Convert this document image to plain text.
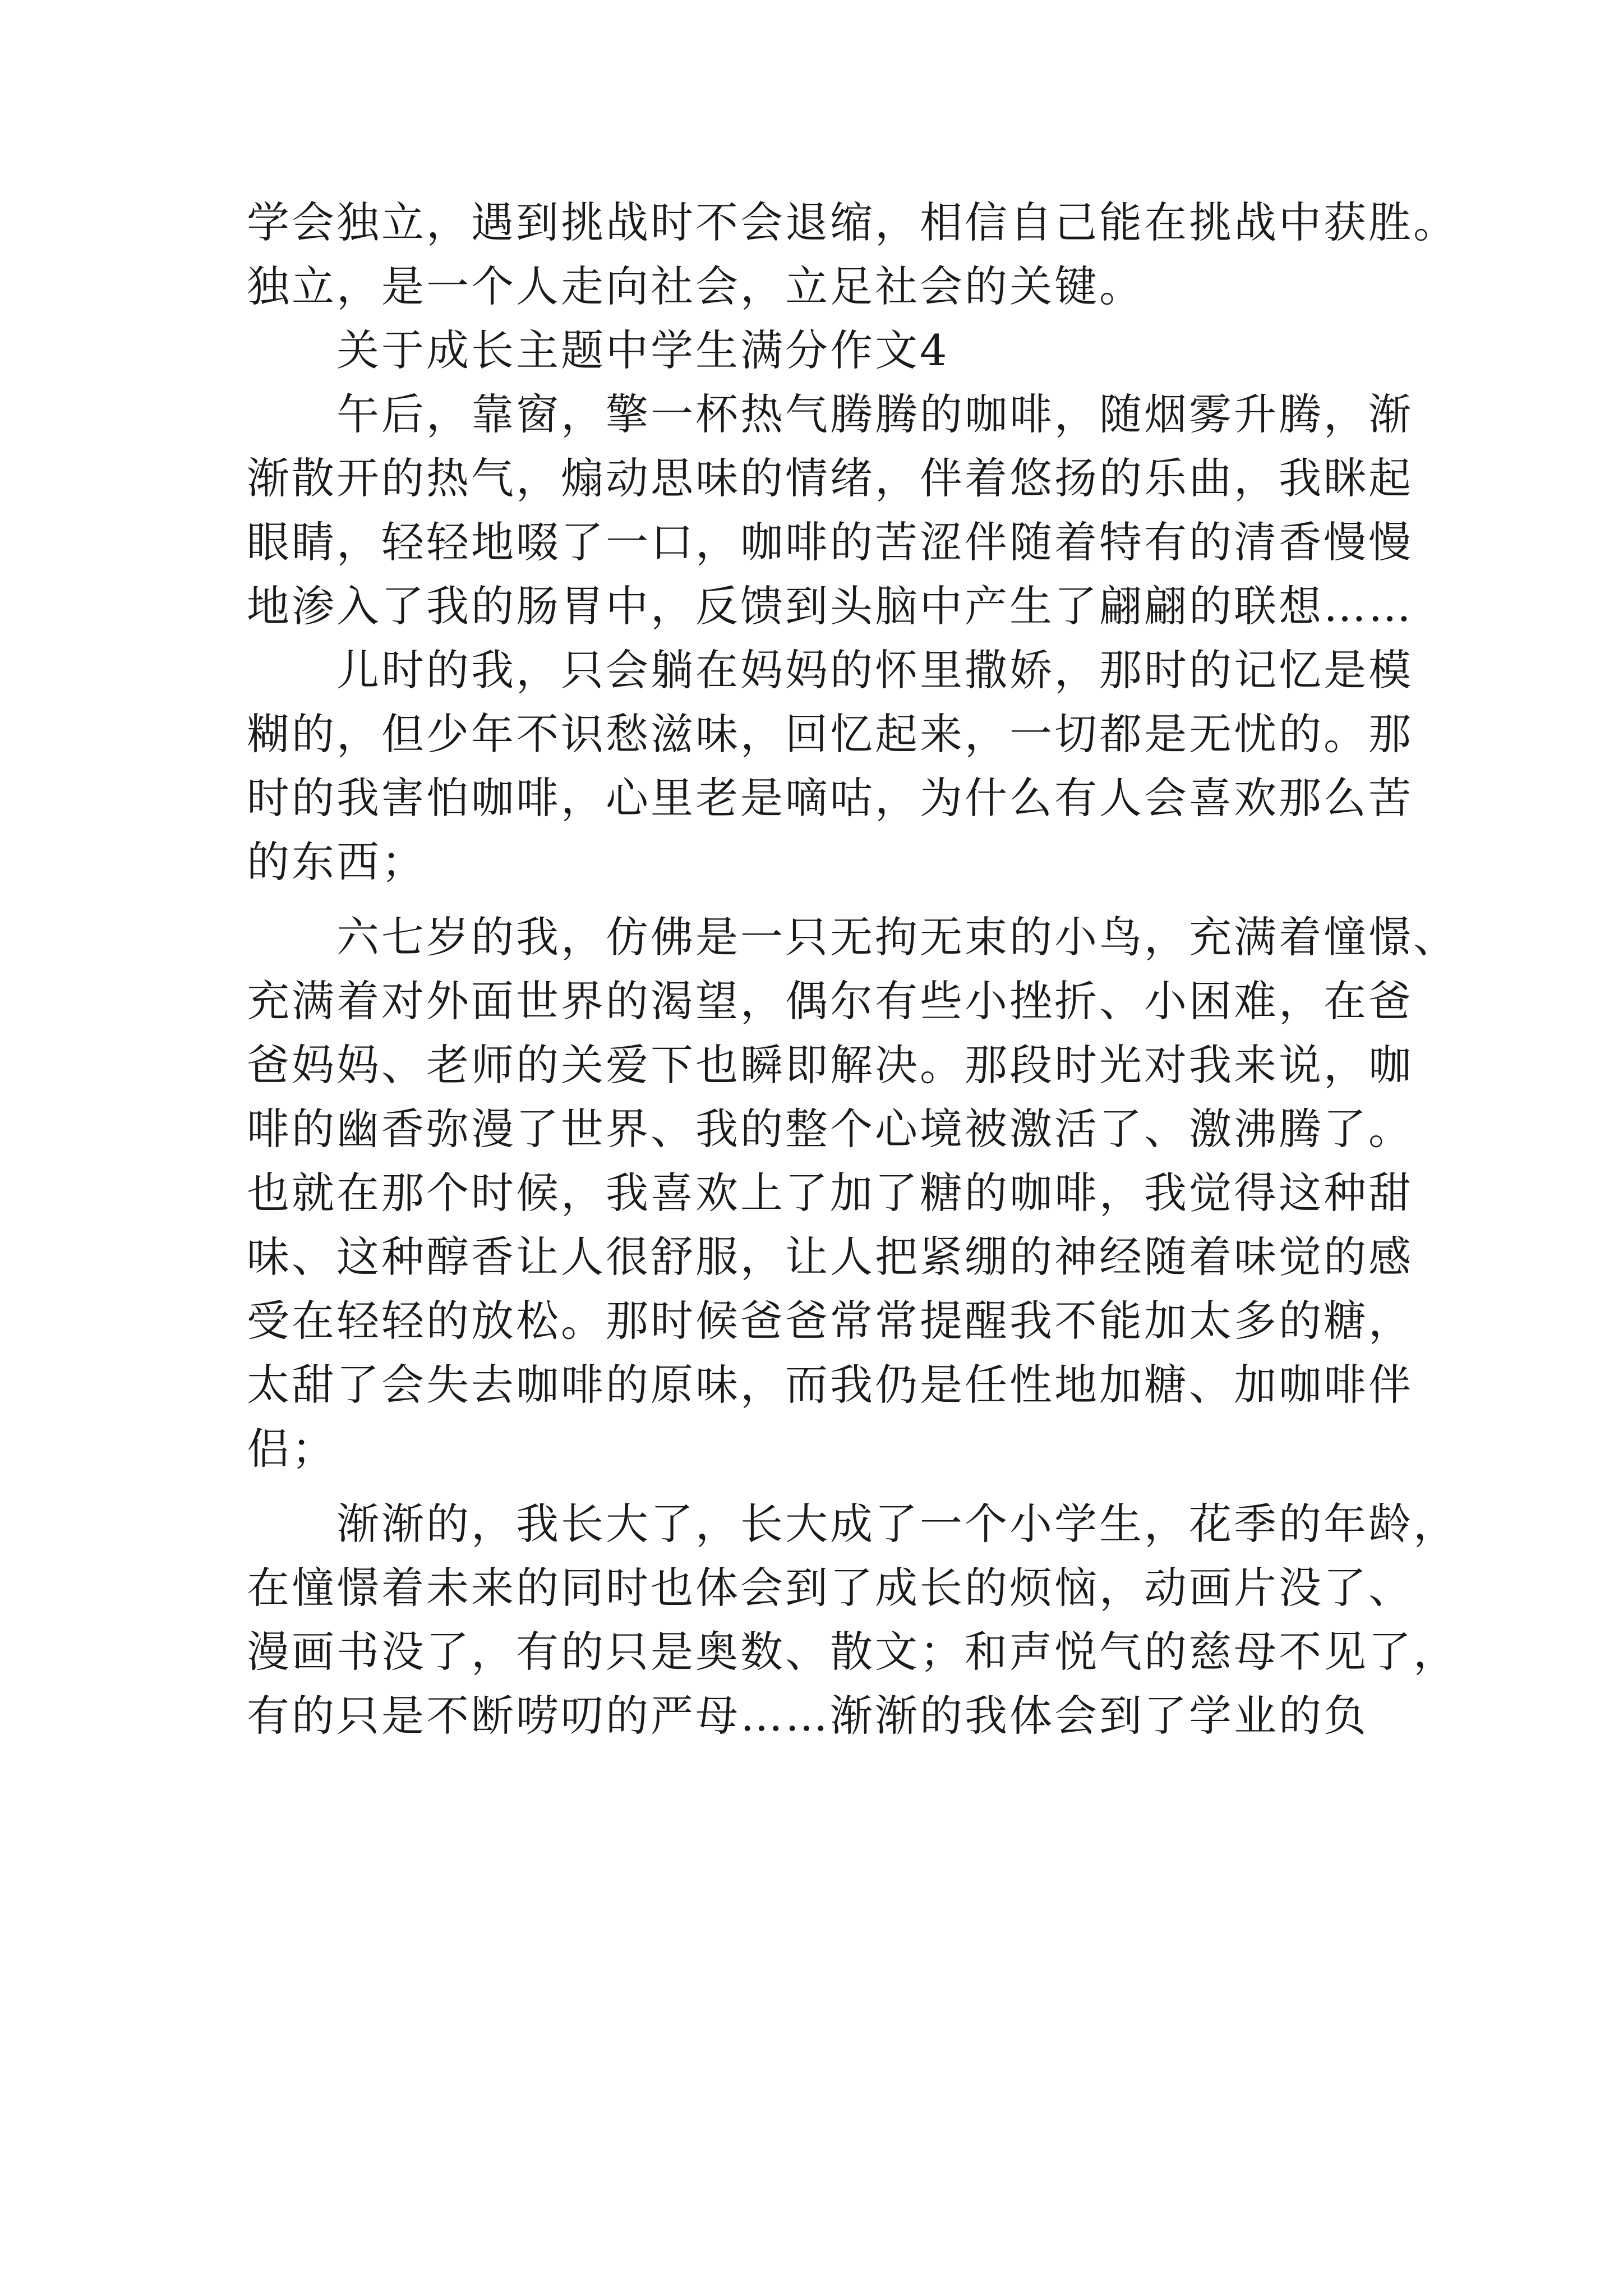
学会独立，遇到挑战时不会退缩，相信自己能在挑战中获胜。
独立，是一个人走向社会，立足社会的关键。
　　关于成长主题中学生满分作文4
　　午后，靠窗，擎一杯热气腾腾的咖啡，随烟雾升腾，渐
渐散开的热气，煽动思味的情绪，伴着悠扬的乐曲，我眯起
眼睛，轻轻地啜了一口，咖啡的苦涩伴随着特有的清香慢慢
地渗入了我的肠胃中，反馈到头脑中产生了翩翩的联想……
　　儿时的我，只会躺在妈妈的怀里撒娇，那时的记忆是模
糊的，但少年不识愁滋味，回忆起来，一切都是无忧的。那
时的我害怕咖啡，心里老是嘀咕，为什么有人会喜欢那么苦
的东西；
　　六七岁的我，仿佛是一只无拘无束的小鸟，充满着憧憬、
充满着对外面世界的渴望，偶尔有些小挫折、小困难，在爸
爸妈妈、老师的关爱下也瞬即解决。那段时光对我来说，咖
啡的幽香弥漫了世界、我的整个心境被激活了、激沸腾了。
也就在那个时候，我喜欢上了加了糖的咖啡，我觉得这种甜
味、这种醇香让人很舒服，让人把紧绷的神经随着味觉的感
受在轻轻的放松。那时候爸爸常常提醒我不能加太多的糖，
太甜了会失去咖啡的原味，而我仍是任性地加糖、加咖啡伴
侣；
　　渐渐的，我长大了，长大成了一个小学生，花季的年龄，
在憧憬着未来的同时也体会到了成长的烦恼，动画片没了、
漫画书没了，有的只是奥数、散文；和声悦气的慈母不见了，
有的只是不断唠叨的严母……渐渐的我体会到了学业的负
